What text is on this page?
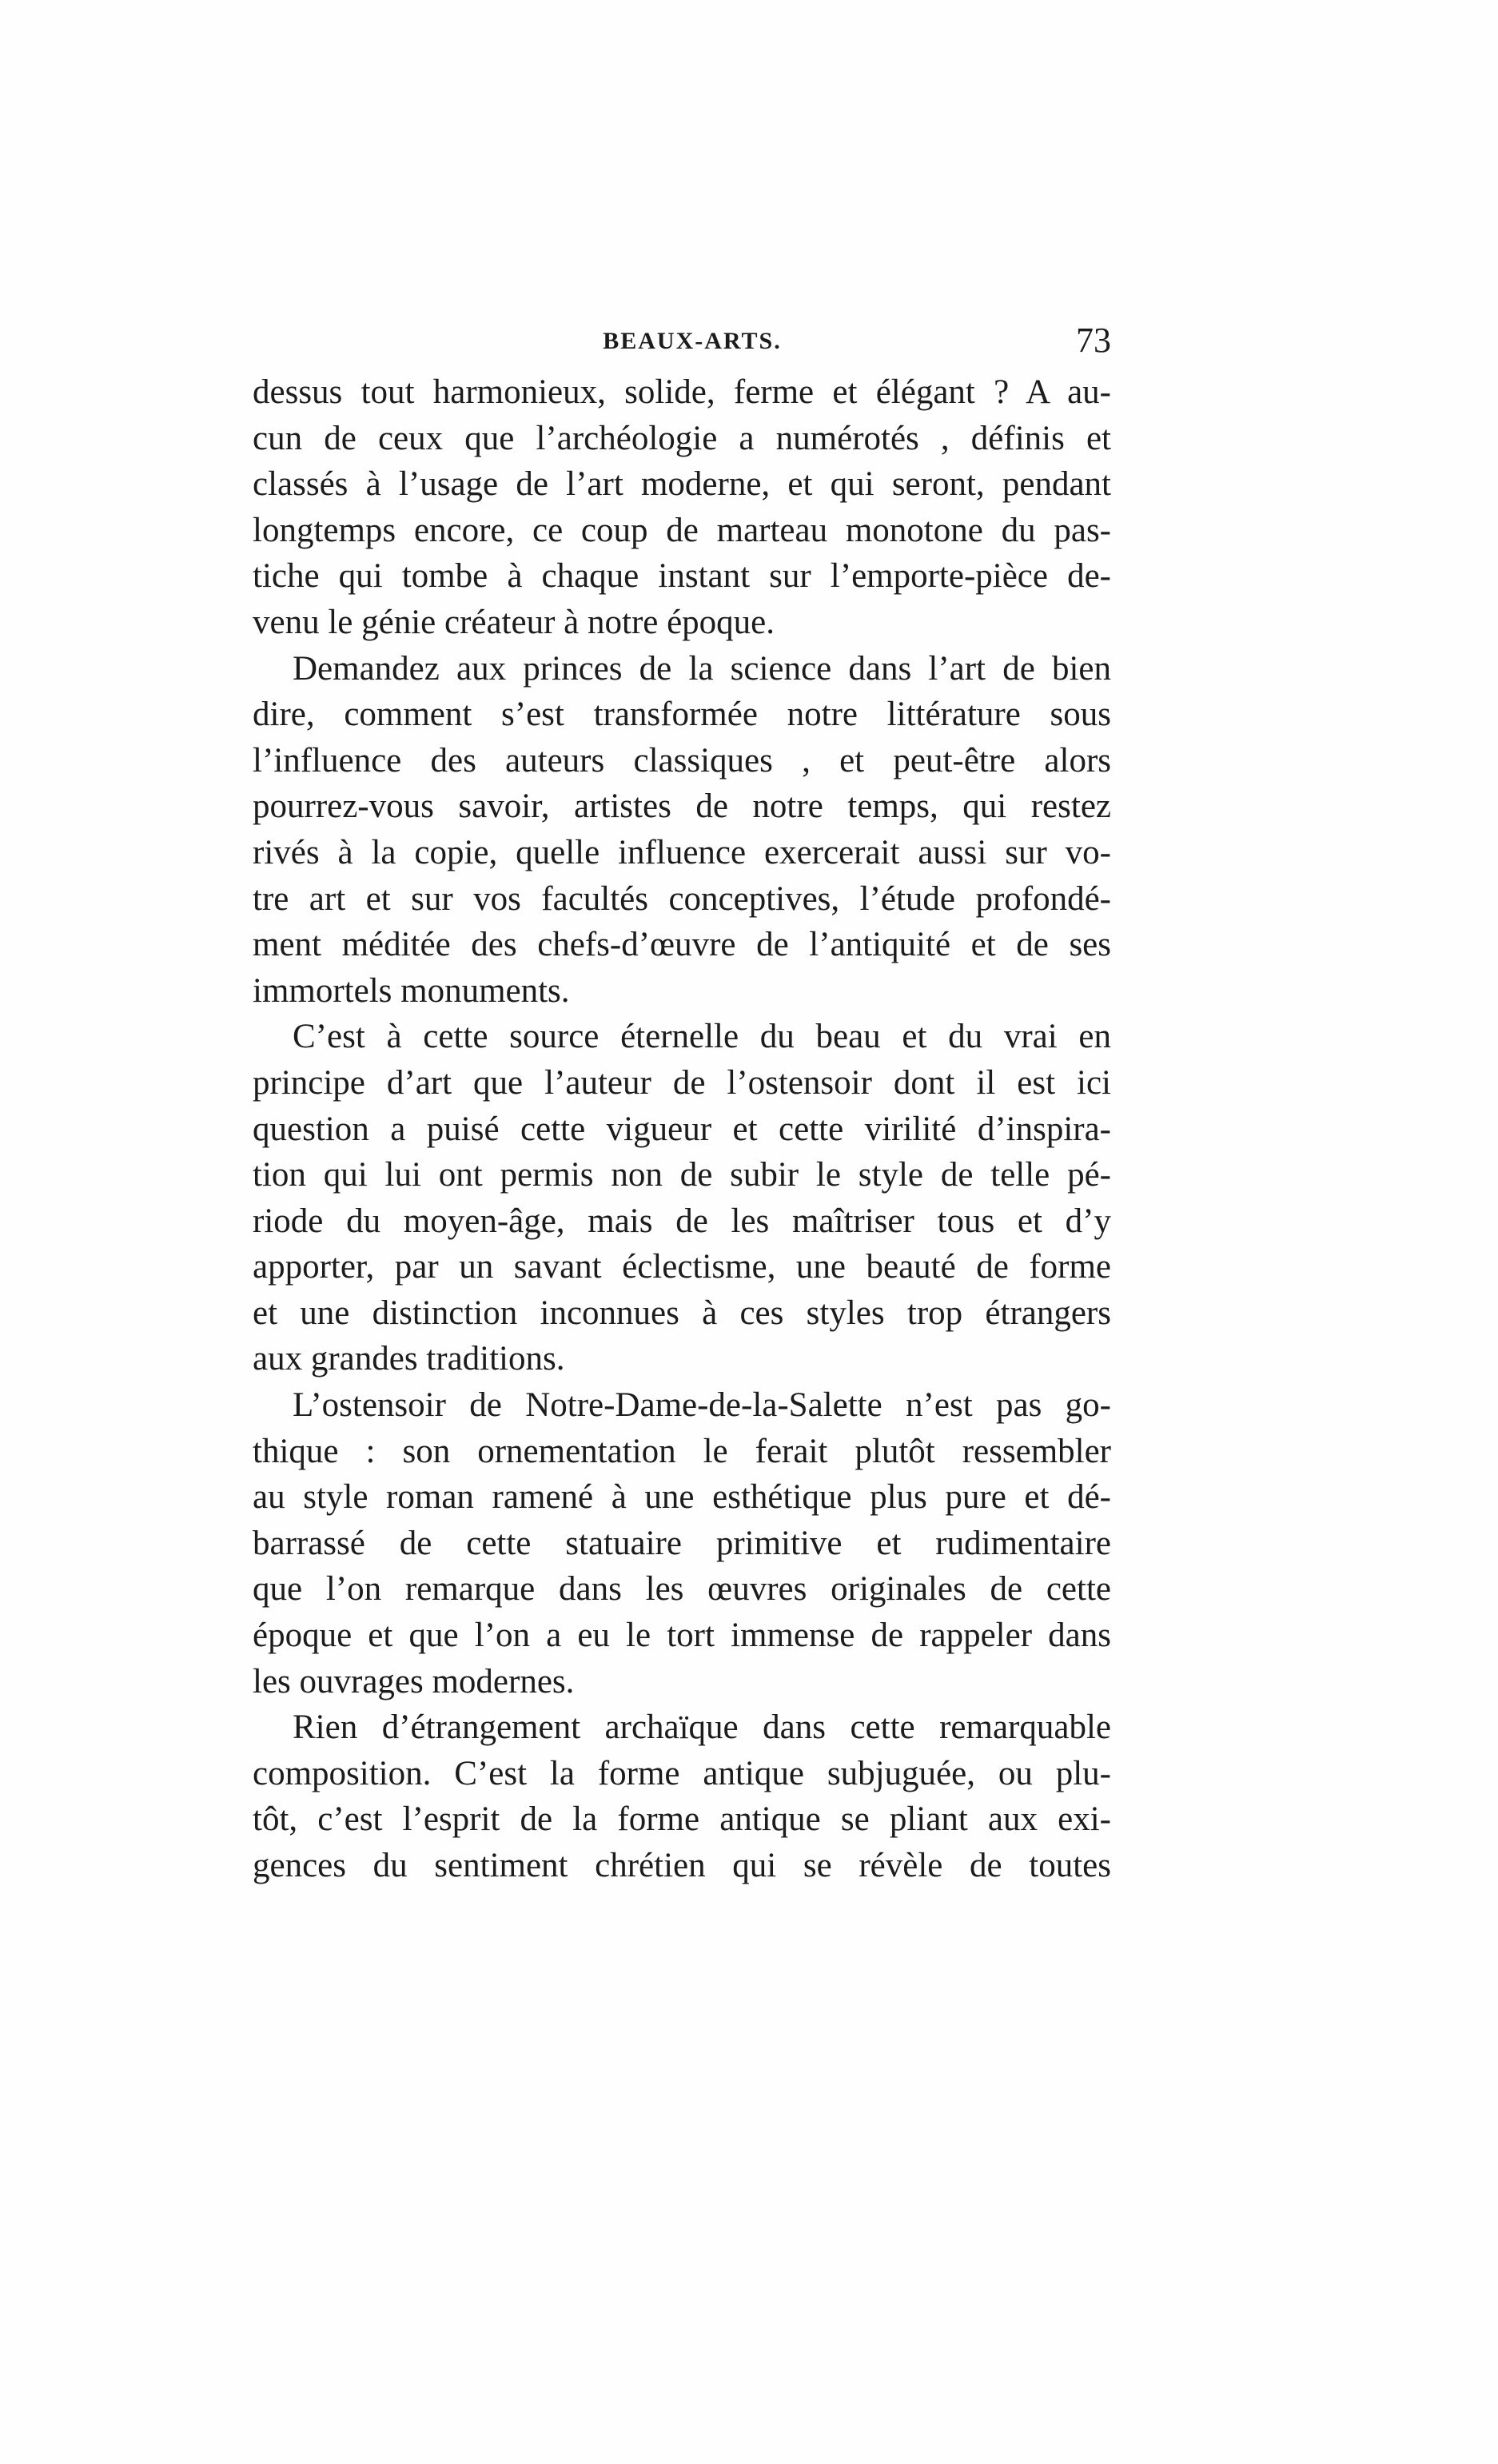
BEAUX-ARTS.	73
dessus tout harmonieux, solide, ferme et élégant ? A au-
cun de ceux que l’archéologie a numérotés , définis et
classés à l’usage de l’art moderne, et qui seront, pendant
longtemps encore, ce coup de marteau monotone du pas-
tiche qui tombe à chaque instant sur l’emporte-pièce de-
venu le génie créateur à notre époque.
Demandez aux princes de la science dans l’art de bien
dire, comment s’est transformée notre littérature sous
l’influence des auteurs classiques , et peut-être alors
pourrez-vous savoir, artistes de notre temps, qui restez
rivés à la copie, quelle influence exercerait aussi sur vo-
tre art et sur vos facultés conceptives, l’étude profondé-
ment méditée des chefs-d’œuvre de l’antiquité et de ses
immortels monuments.
C’est à cette source éternelle du beau et du vrai en
principe d’art que l’auteur de l’ostensoir dont il est ici
question a puisé cette vigueur et cette virilité d’inspira-
tion qui lui ont permis non de subir le style de telle pé-
riode du moyen-âge, mais de les maîtriser tous et d’y
apporter, par un savant éclectisme, une beauté de forme
et une distinction inconnues à ces styles trop étrangers
aux grandes traditions.
L’ostensoir de Notre-Dame-de-la-Salette n’est pas go-
thique : son ornementation le ferait plutôt ressembler
au style roman ramené à une esthétique plus pure et dé-
barrassé de cette statuaire primitive et rudimentaire
que l’on remarque dans les œuvres originales de cette
époque et que l’on a eu le tort immense de rappeler dans
les ouvrages modernes.
Rien d’étrangement archaïque dans cette remarquable
composition. C’est la forme antique subjuguée, ou plu-
tôt, c’est l’esprit de la forme antique se pliant aux exi-
gences du sentiment chrétien qui se révèle de toutes
